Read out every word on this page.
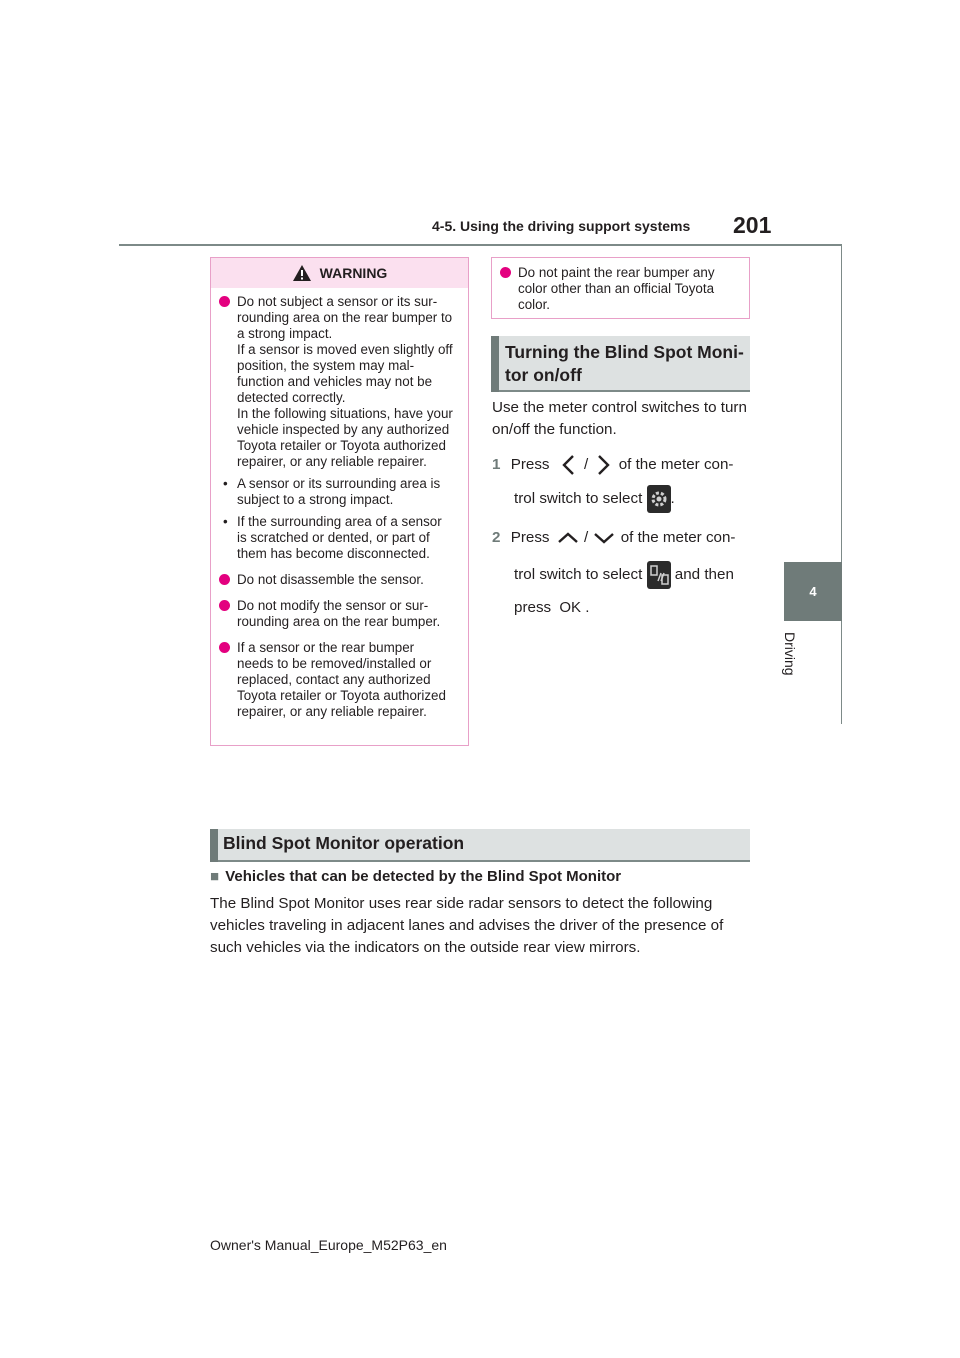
4-5. Using the driving support systems 201
4
Driving
WARNING
Do not subject a sensor or its sur-rounding area on the rear bumper to a strong impact.
If a sensor is moved even slightly off position, the system may mal-function and vehicles may not be detected correctly.
In the following situations, have your vehicle inspected by any authorized Toyota retailer or Toyota authorized repairer, or any reliable repairer.
• A sensor or its surrounding area is subject to a strong impact.
• If the surrounding area of a sensor is scratched or dented, or part of them has become disconnected.
Do not disassemble the sensor.
Do not modify the sensor or sur-rounding area on the rear bumper.
If a sensor or the rear bumper needs to be removed/installed or replaced, contact any authorized Toyota retailer or Toyota authorized repairer, or any reliable repairer.
Do not paint the rear bumper any color other than an official Toyota color.
Turning the Blind Spot Moni-
tor on/off
Use the meter control switches to turn on/off the function.
1 Press / of the meter con-
trol switch to select .
2 Press / of the meter con-
trol switch to select and then
press OK .
Blind Spot Monitor operation
■ Vehicles that can be detected by the Blind Spot Monitor
The Blind Spot Monitor uses rear side radar sensors to detect the following vehicles traveling in adjacent lanes and advises the driver of the presence of such vehicles via the indicators on the outside rear view mirrors.
Owner's Manual_Europe_M52P63_en
